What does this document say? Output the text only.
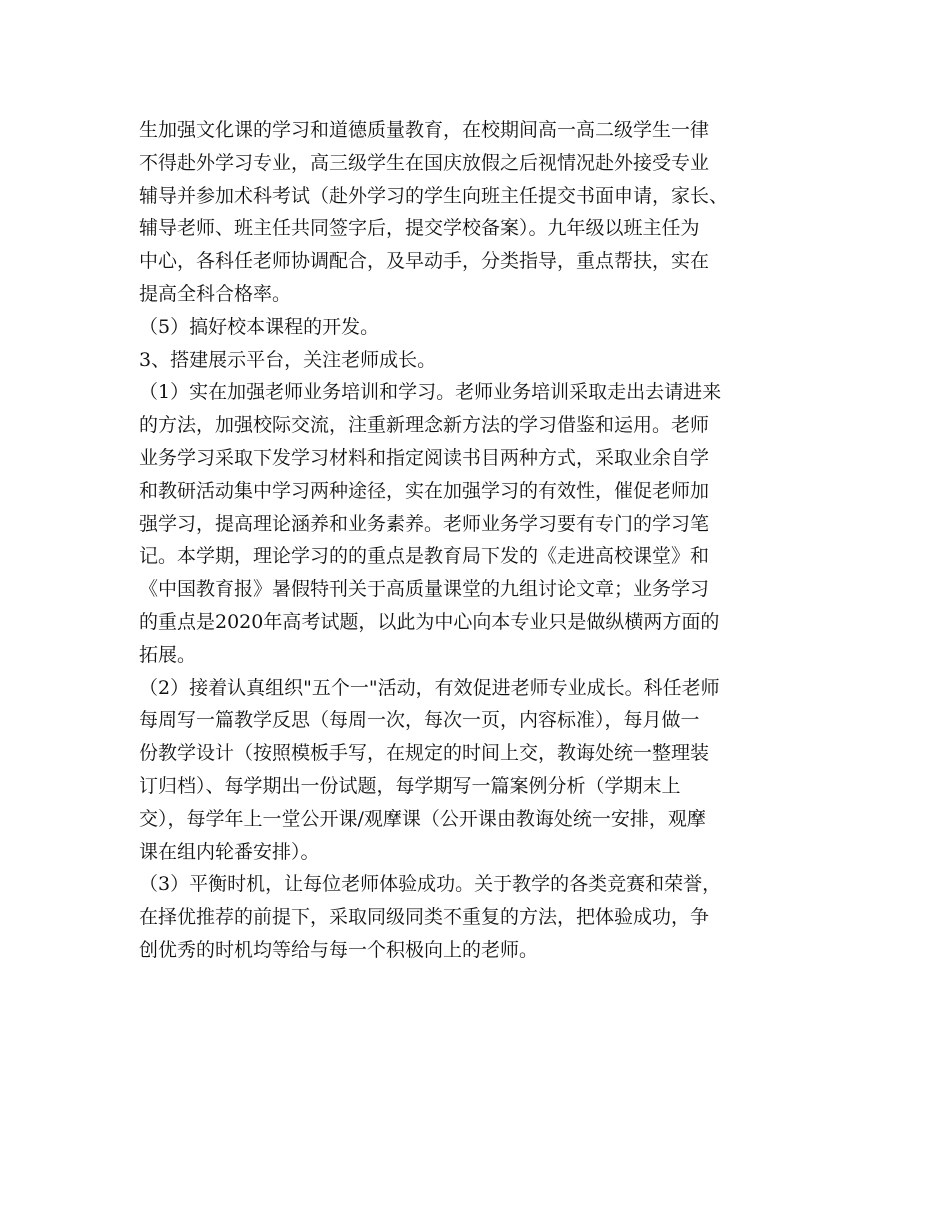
生加强文化课的学习和道德质量教育，在校期间高一高二级学生一律
不得赴外学习专业，高三级学生在国庆放假之后视情况赴外接受专业
辅导并参加术科考试（赴外学习的学生向班主任提交书面申请，家长、
辅导老师、班主任共同签字后，提交学校备案）。九年级以班主任为
中心，各科任老师协调配合，及早动手，分类指导，重点帮扶，实在
提高全科合格率。
（5）搞好校本课程的开发。
3、搭建展示平台，关注老师成长。
（1）实在加强老师业务培训和学习。老师业务培训采取走出去请进来
的方法，加强校际交流，注重新理念新方法的学习借鉴和运用。老师
业务学习采取下发学习材料和指定阅读书目两种方式，采取业余自学
和教研活动集中学习两种途径，实在加强学习的有效性，催促老师加
强学习，提高理论涵养和业务素养。老师业务学习要有专门的学习笔
记。本学期，理论学习的的重点是教育局下发的《走进高校课堂》和
《中国教育报》暑假特刊关于高质量课堂的九组讨论文章；业务学习
的重点是2020年高考试题，以此为中心向本专业只是做纵横两方面的
拓展。
（2）接着认真组织"五个一"活动，有效促进老师专业成长。科任老师
每周写一篇教学反思（每周一次，每次一页，内容标准），每月做一
份教学设计（按照模板手写，在规定的时间上交，教诲处统一整理装
订归档）、每学期出一份试题，每学期写一篇案例分析（学期末上
交），每学年上一堂公开课/观摩课（公开课由教诲处统一安排，观摩
课在组内轮番安排）。
（3）平衡时机，让每位老师体验成功。关于教学的各类竞赛和荣誉，
在择优推荐的前提下，采取同级同类不重复的方法，把体验成功，争
创优秀的时机均等给与每一个积极向上的老师。
